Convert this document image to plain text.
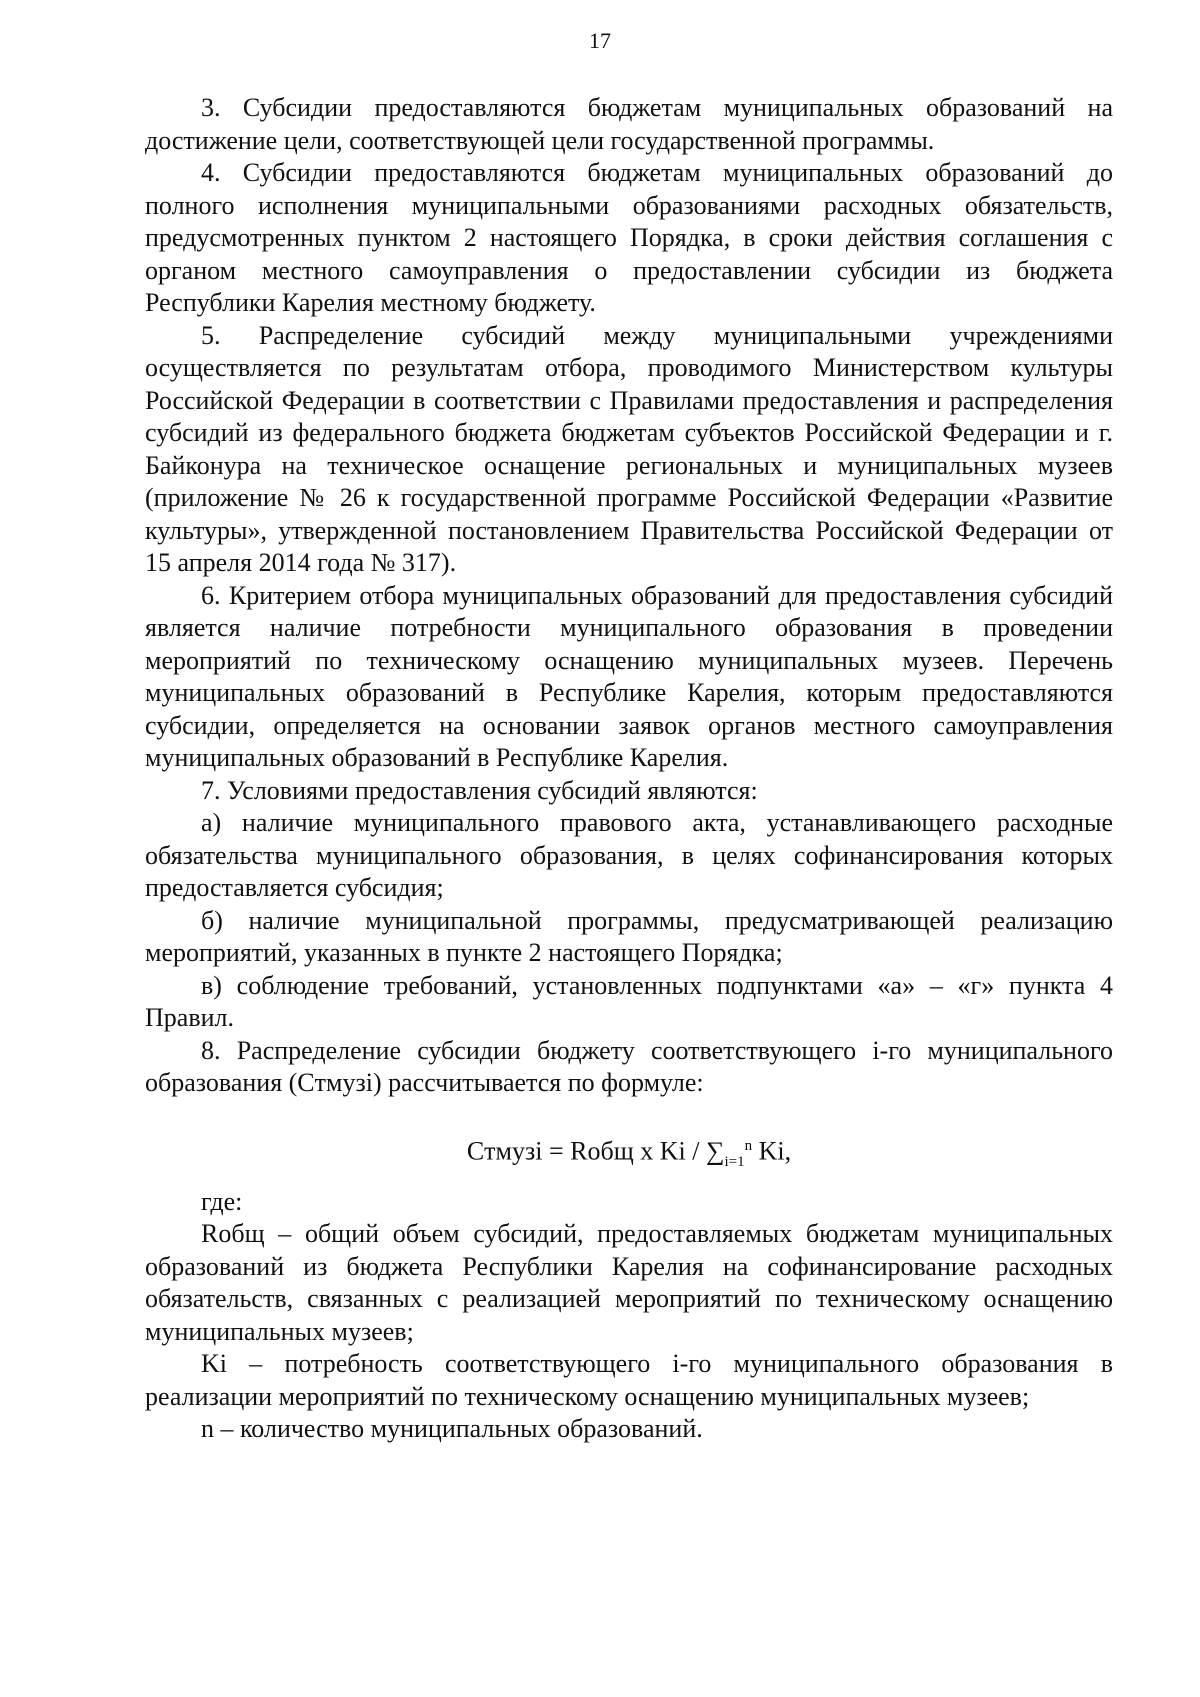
17

3. Субсидии предоставляются бюджетам муниципальных образований на достижение цели, соответствующей цели государственной программы.

4. Субсидии предоставляются бюджетам муниципальных образований до полного исполнения муниципальными образованиями расходных обязательств, предусмотренных пунктом 2 настоящего Порядка, в сроки действия соглашения с органом местного самоуправления о предоставлении субсидии из бюджета Республики Карелия местному бюджету.

5. Распределение субсидий между муниципальными учреждениями осуществляется по результатам отбора, проводимого Министерством культуры Российской Федерации в соответствии с Правилами предоставления и распределения субсидий из федерального бюджета бюджетам субъектов Российской Федерации и г. Байконура на техническое оснащение региональных и муниципальных музеев (приложение № 26 к государственной программе Российской Федерации «Развитие культуры», утвержденной постановлением Правительства Российской Федерации от 15 апреля 2014 года № 317).

6. Критерием отбора муниципальных образований для предоставления субсидий является наличие потребности муниципального образования в проведении мероприятий по техническому оснащению муниципальных музеев. Перечень муниципальных образований в Республике Карелия, которым предоставляются субсидии, определяется на основании заявок органов местного самоуправления муниципальных образований в Республике Карелия.

7. Условиями предоставления субсидий являются:

а) наличие муниципального правового акта, устанавливающего расходные обязательства муниципального образования, в целях софинансирования которых предоставляется субсидия;

б) наличие муниципальной программы, предусматривающей реализацию мероприятий, указанных в пункте 2 настоящего Порядка;

в) соблюдение требований, установленных подпунктами «а» – «г» пункта 4 Правил.

8. Распределение субсидии бюджету соответствующего i-го муниципального образования (Cтмузi) рассчитывается по формуле:

Cтмузi = Rобщ x Ki / $\sum_{i=1}^n$ Ki,

где:

Rобщ – общий объем субсидий, предоставляемых бюджетам муниципальных образований из бюджета Республики Карелия на софинансирование расходных обязательств, связанных с реализацией мероприятий по техническому оснащению муниципальных музеев;

Ki – потребность соответствующего i-го муниципального образования в реализации мероприятий по техническому оснащению муниципальных музеев;

n – количество муниципальных образований.
